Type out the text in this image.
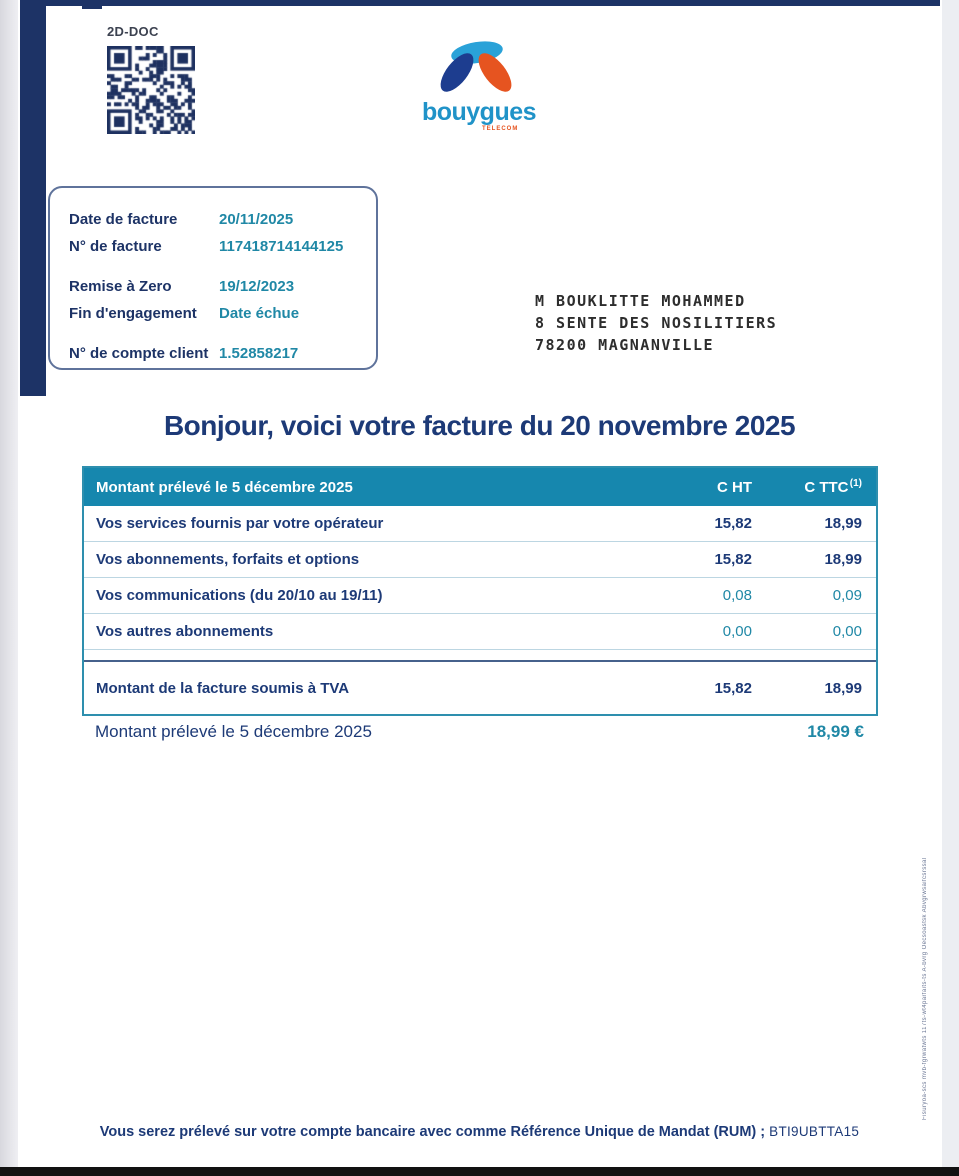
2D-DOC
bouygues
TELECOM
Date de facture	20/11/2025
N° de facture	117418714144125
Remise à Zero	19/12/2023
Fin d'engagement	Date échue
N° de compte client 1.52858217
M BOUKLITTE MOHAMMED
8 SENTE DES NOSILITIERS
78200 MAGNANVILLE
Bonjour, voici votre facture du 20 novembre 2025
Montant prélevé le 5 décembre 2025	C HT	C TTC $^{(1)}$
Vos services fournis par votre opérateur	15,82	18,99
Vos abonnements, forfaits et options	15,82	18,99
Vos communications (du 20/10 au 19/11)	0,08	0,09
Vos autres abonnements	0,00	0,00
Montant de la facture soumis à TVA	15,82	18,99
Montant prélevé le 5 décembre 2025	18,99 €
Fisuryoa-scs mvb-fgrwatwts 117ts-wt4parfaits-ts A-bvrg Oecsoastsk Abvgrwsaifcsrssal
Vous serez prélevé sur votre compte bancaire avec comme Référence Unique de Mandat (RUM) ; BTI9UBTTA15
